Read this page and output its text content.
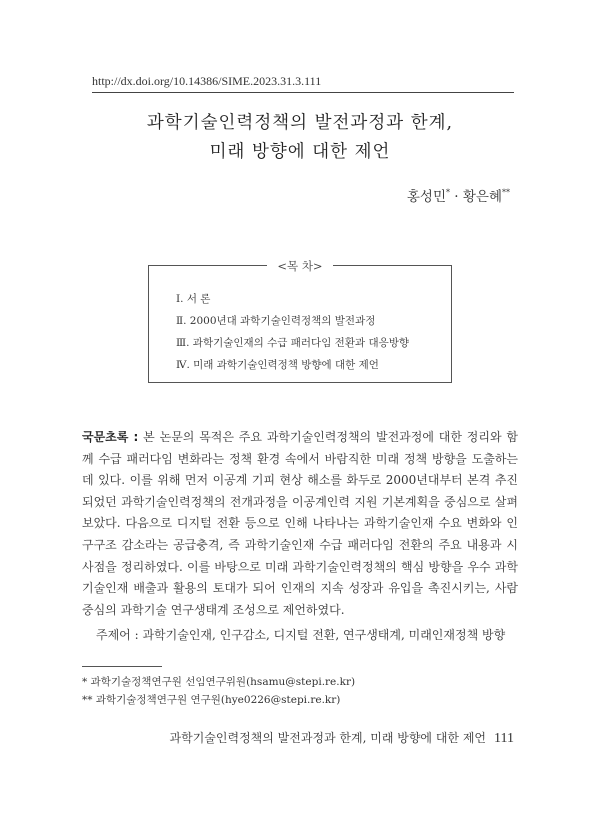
http://dx.doi.org/10.14386/SIME.2023.31.3.111
과학기술인력정책의 발전과정과 한계,
미래 방향에 대한 제언
홍성민* · 황은혜**
<목 차>
Ⅰ. 서 론
Ⅱ. 2000년대 과학기술인력정책의 발전과정
Ⅲ. 과학기술인재의 수급 패러다임 전환과 대응방향
Ⅳ. 미래 과학기술인력정책 방향에 대한 제언
국문초록 : 본 논문의 목적은 주요 과학기술인력정책의 발전과정에 대한 정리와 함께 수급 패러다임 변화라는 정책 환경 속에서 바람직한 미래 정책 방향을 도출하는 데 있다. 이를 위해 먼저 이공계 기피 현상 해소를 화두로 2000년대부터 본격 추진되었던 과학기술인력정책의 전개과정을 이공계인력 지원 기본계획을 중심으로 살펴보았다. 다음으로 디지털 전환 등으로 인해 나타나는 과학기술인재 수요 변화와 인구구조 감소라는 공급충격, 즉 과학기술인재 수급 패러다임 전환의 주요 내용과 시사점을 정리하였다. 이를 바탕으로 미래 과학기술인력정책의 핵심 방향을 우수 과학기술인재 배출과 활용의 토대가 되어 인재의 지속 성장과 유입을 촉진시키는, 사람 중심의 과학기술 연구생태계 조성으로 제언하였다.
주제어 : 과학기술인재, 인구감소, 디지털 전환, 연구생태계, 미래인재정책 방향
* 과학기술정책연구원 선임연구위원(hsamu@stepi.re.kr)
** 과학기술정책연구원 연구원(hye0226@stepi.re.kr)
과학기술인력정책의 발전과정과 한계, 미래 방향에 대한 제언 111
